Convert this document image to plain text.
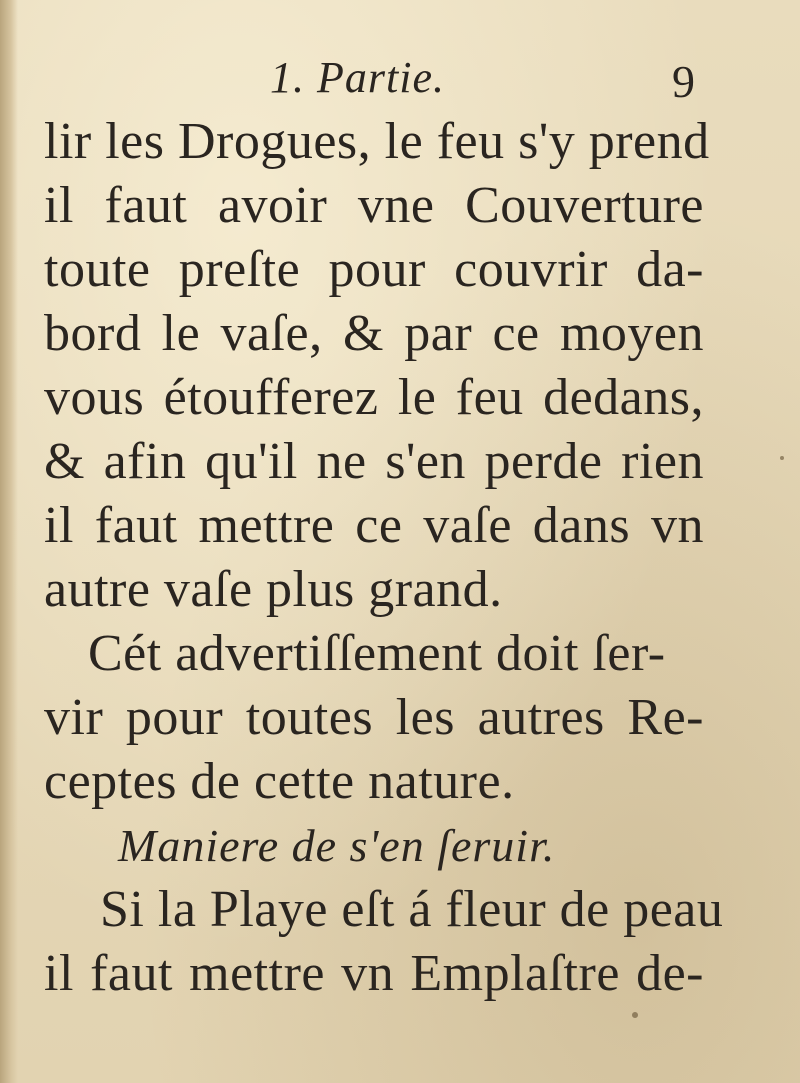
1. Partie.	9
lir les Drogues, le feu s'y prend
il faut avoir vne Couverture
toute preſte pour couvrir da-
bord le vaſe, & par ce moyen
vous étoufferez le feu dedans,
& afin qu'il ne s'en perde rien
il faut mettre ce vaſe dans vn
autre vaſe plus grand.
Cét advertiſſement doit ſer-
vir pour toutes les autres Re-
ceptes de cette nature.
Maniere de s'en ſeruir.
Si la Playe eſt á fleur de peau
il faut mettre vn Emplaſtre de-
